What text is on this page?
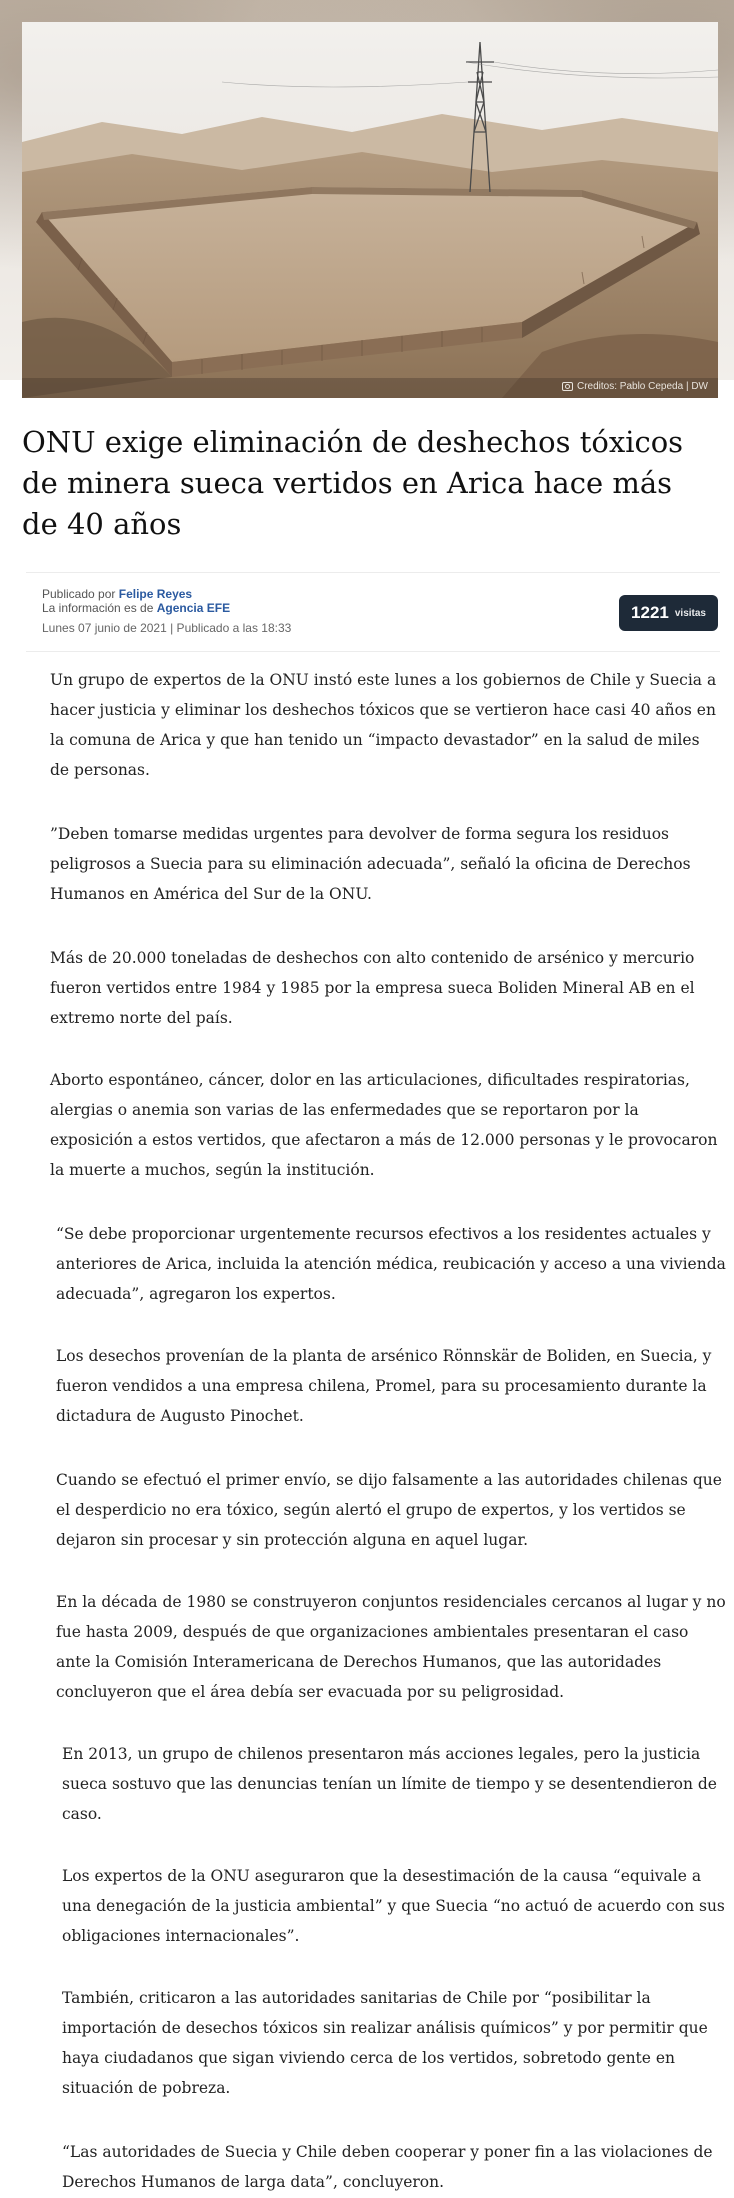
Creditos: Pablo Cepeda | DW
ONU exige eliminación de deshechos tóxicos de minera sueca vertidos en Arica hace más de 40 años
Publicado por Felipe Reyes
La información es de Agencia EFE
Lunes 07 junio de 2021 | Publicado a las 18:33
1221 visitas

Un grupo de expertos de la ONU instó este lunes a los gobiernos de Chile y Suecia a hacer justicia y eliminar los deshechos tóxicos que se vertieron hace casi 40 años en la comuna de Arica y que han tenido un “impacto devastador” en la salud de miles de personas.

”Deben tomarse medidas urgentes para devolver de forma segura los residuos peligrosos a Suecia para su eliminación adecuada”, señaló la oficina de Derechos Humanos en América del Sur de la ONU.

Más de 20.000 toneladas de deshechos con alto contenido de arsénico y mercurio fueron vertidos entre 1984 y 1985 por la empresa sueca Boliden Mineral AB en el extremo norte del país.

Aborto espontáneo, cáncer, dolor en las articulaciones, dificultades respiratorias, alergias o anemia son varias de las enfermedades que se reportaron por la exposición a estos vertidos, que afectaron a más de 12.000 personas y le provocaron la muerte a muchos, según la institución.

“Se debe proporcionar urgentemente recursos efectivos a los residentes actuales y anteriores de Arica, incluida la atención médica, reubicación y acceso a una vivienda adecuada”, agregaron los expertos.

Los desechos provenían de la planta de arsénico Rönnskär de Boliden, en Suecia, y fueron vendidos a una empresa chilena, Promel, para su procesamiento durante la dictadura de Augusto Pinochet.

Cuando se efectuó el primer envío, se dijo falsamente a las autoridades chilenas que el desperdicio no era tóxico, según alertó el grupo de expertos, y los vertidos se dejaron sin procesar y sin protección alguna en aquel lugar.

En la década de 1980 se construyeron conjuntos residenciales cercanos al lugar y no fue hasta 2009, después de que organizaciones ambientales presentaran el caso ante la Comisión Interamericana de Derechos Humanos, que las autoridades concluyeron que el área debía ser evacuada por su peligrosidad.

En 2013, un grupo de chilenos presentaron más acciones legales, pero la justicia sueca sostuvo que las denuncias tenían un límite de tiempo y se desentendieron de caso.

Los expertos de la ONU aseguraron que la desestimación de la causa “equivale a una denegación de la justicia ambiental” y que Suecia “no actuó de acuerdo con sus obligaciones internacionales”.

También, criticaron a las autoridades sanitarias de Chile por “posibilitar la importación de desechos tóxicos sin realizar análisis químicos” y por permitir que haya ciudadanos que sigan viviendo cerca de los vertidos, sobretodo gente en situación de pobreza.

“Las autoridades de Suecia y Chile deben cooperar y poner fin a las violaciones de Derechos Humanos de larga data”, concluyeron.
